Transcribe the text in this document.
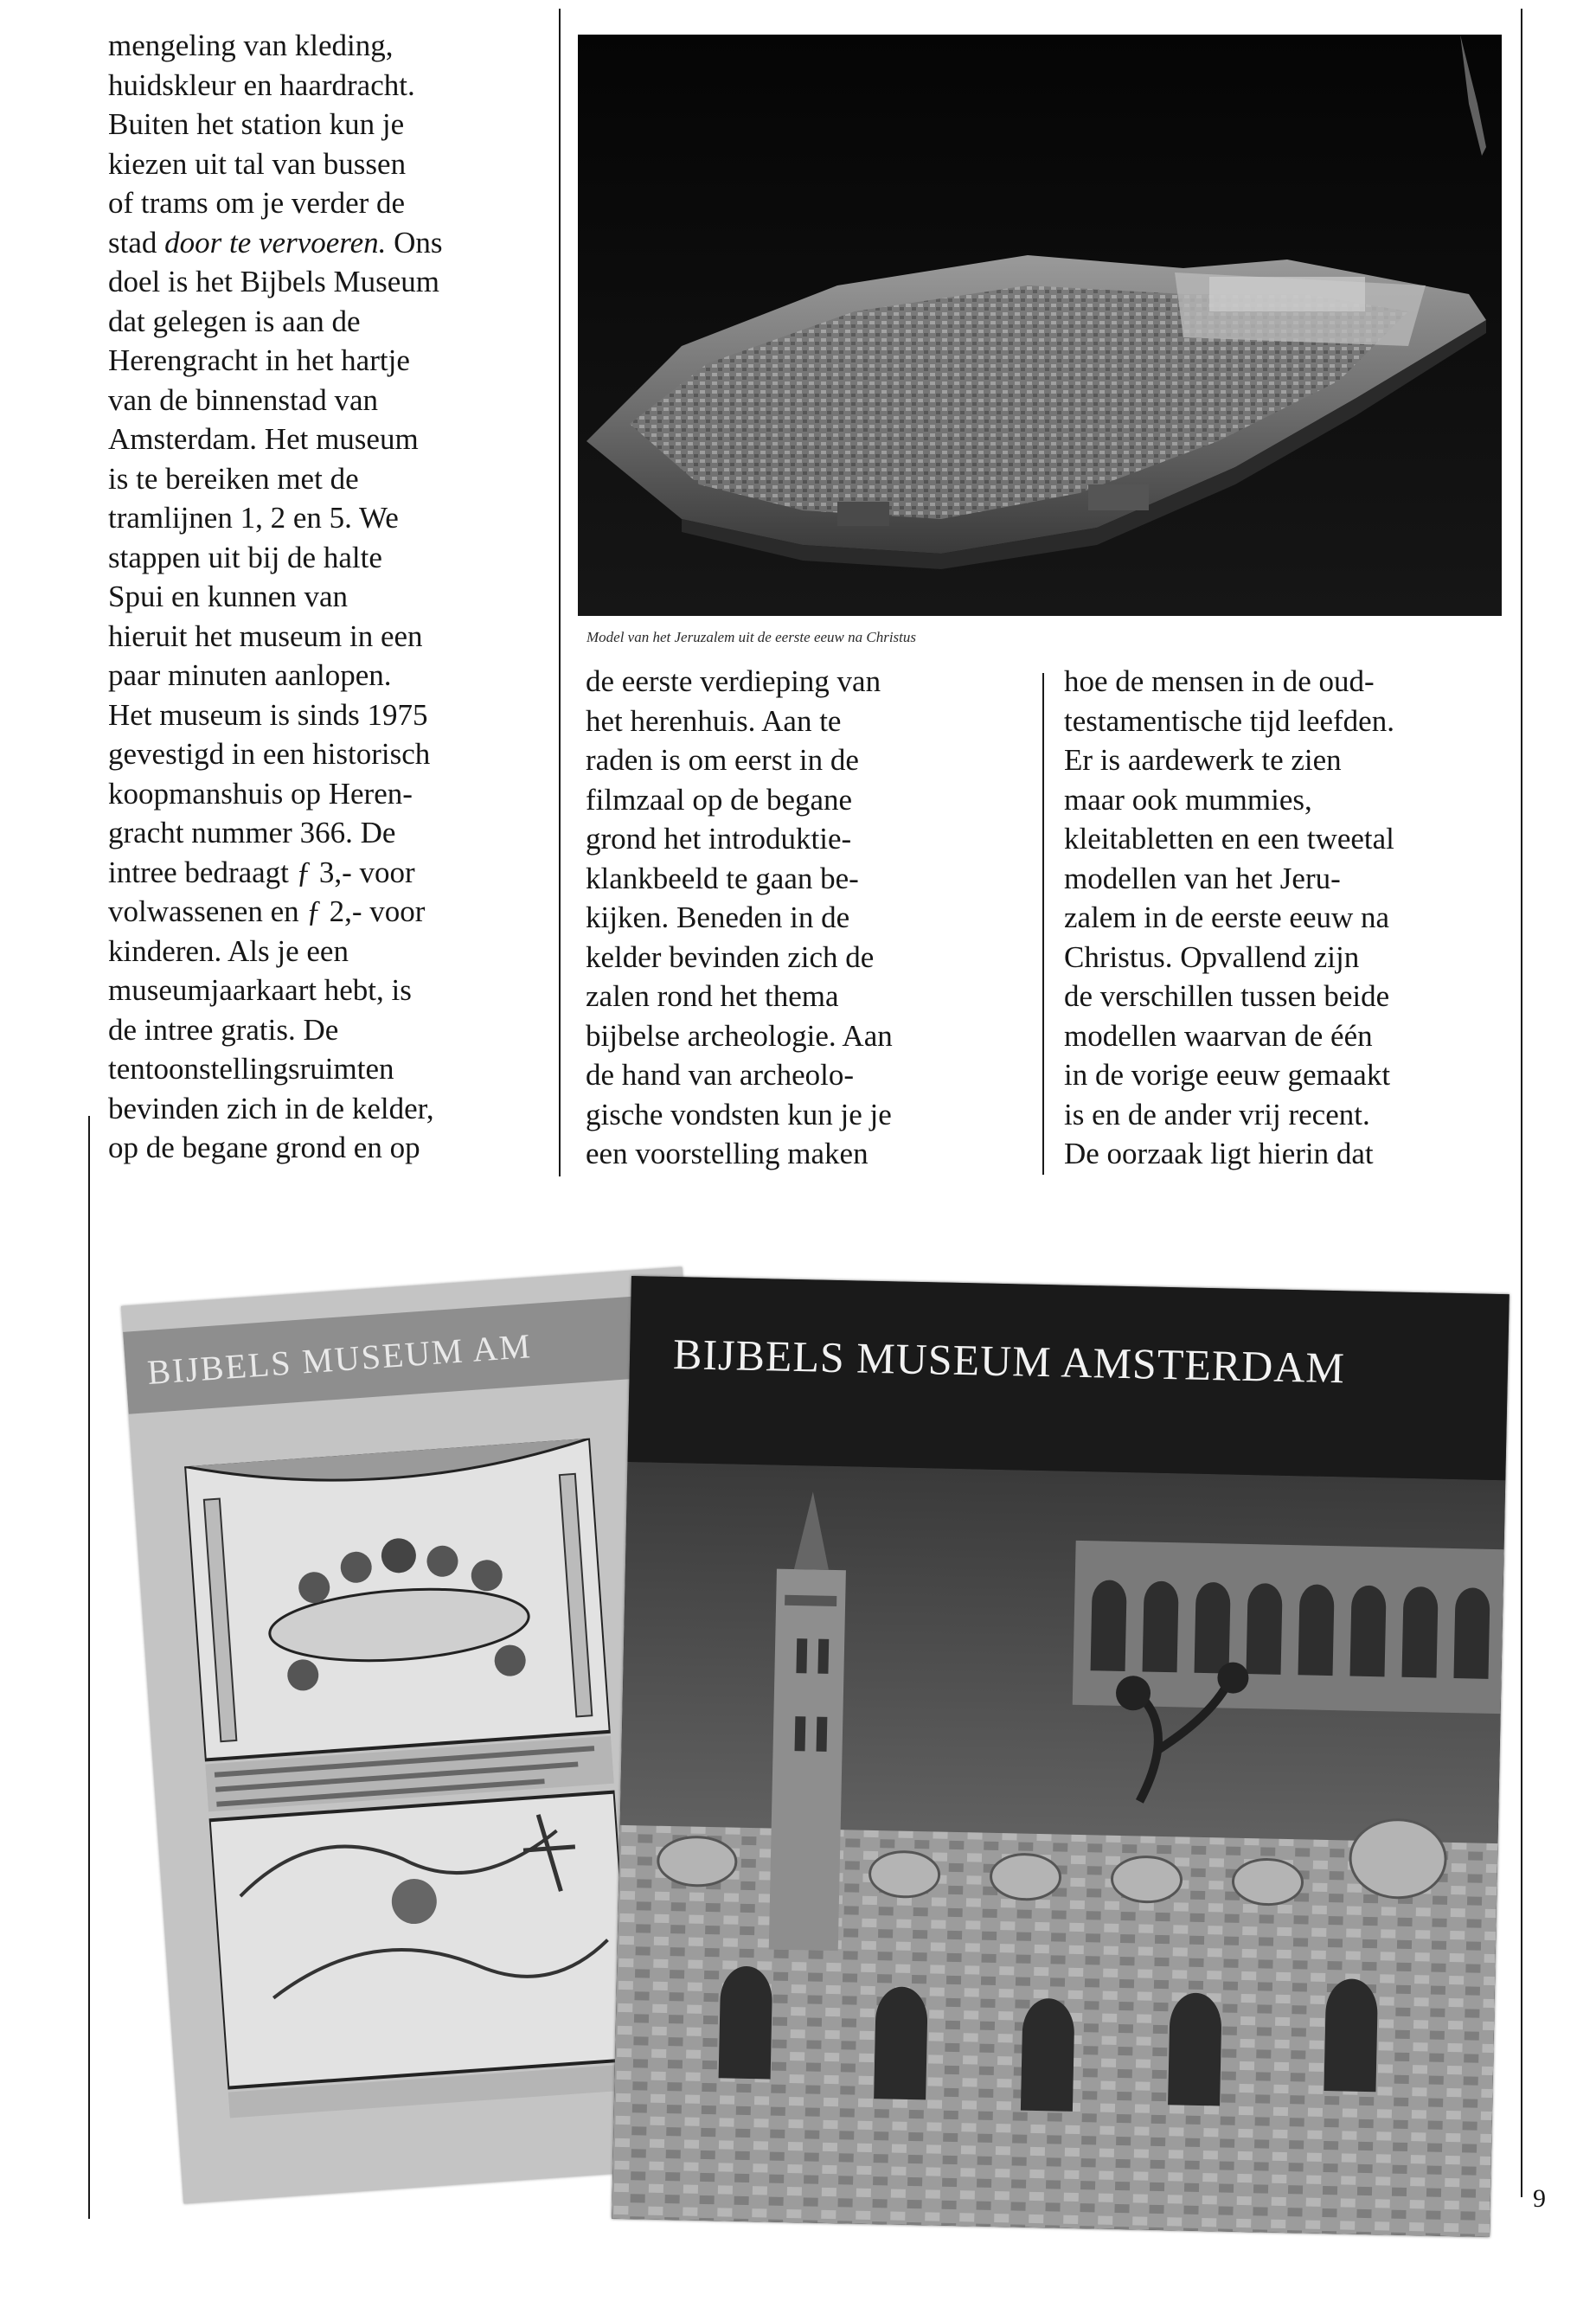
mengeling van kleding,

huidskleur en haardracht.

Buiten het station kun je

kiezen uit tal van bussen

of trams om je verder de

stad door te vervoeren. Ons

doel is het Bijbels Museum

dat gelegen is aan de

Herengracht in het hartje

van de binnenstad van

Amsterdam. Het museum

is te bereiken met de

tramlijnen 1, 2 en 5. We

stappen uit bij de halte

Spui en kunnen van

hieruit het museum in een

paar minuten aanlopen.

Het museum is sinds 1975

gevestigd in een historisch

koopmanshuis op Heren-

gracht nummer 366. De

intree bedraagt ƒ 3,- voor

volwassenen en ƒ 2,- voor

kinderen. Als je een

museumjaarkaart hebt, is

de intree gratis. De

tentoonstellingsruimten

bevinden zich in de kelder,

op de begane grond en op

Model van het Jeruzalem uit de eerste eeuw na Christus

de eerste verdieping van

het herenhuis. Aan te

raden is om eerst in de

filmzaal op de begane

grond het introduktie-

klankbeeld te gaan be-

kijken. Beneden in de

kelder bevinden zich de

zalen rond het thema

bijbelse archeologie. Aan

de hand van archeolo-

gische vondsten kun je je

een voorstelling maken

hoe de mensen in de oud-

testamentische tijd leefden.

Er is aardewerk te zien

maar ook mummies,

kleitabletten en een tweetal

modellen van het Jeru-

zalem in de eerste eeuw na

Christus. Opvallend zijn

de verschillen tussen beide

modellen waarvan de één

in de vorige eeuw gemaakt

is en de ander vrij recent.

De oorzaak ligt hierin dat

BIJBELS MUSEUM AM	BIJBELS MUSEUM AMSTERDAM
9
